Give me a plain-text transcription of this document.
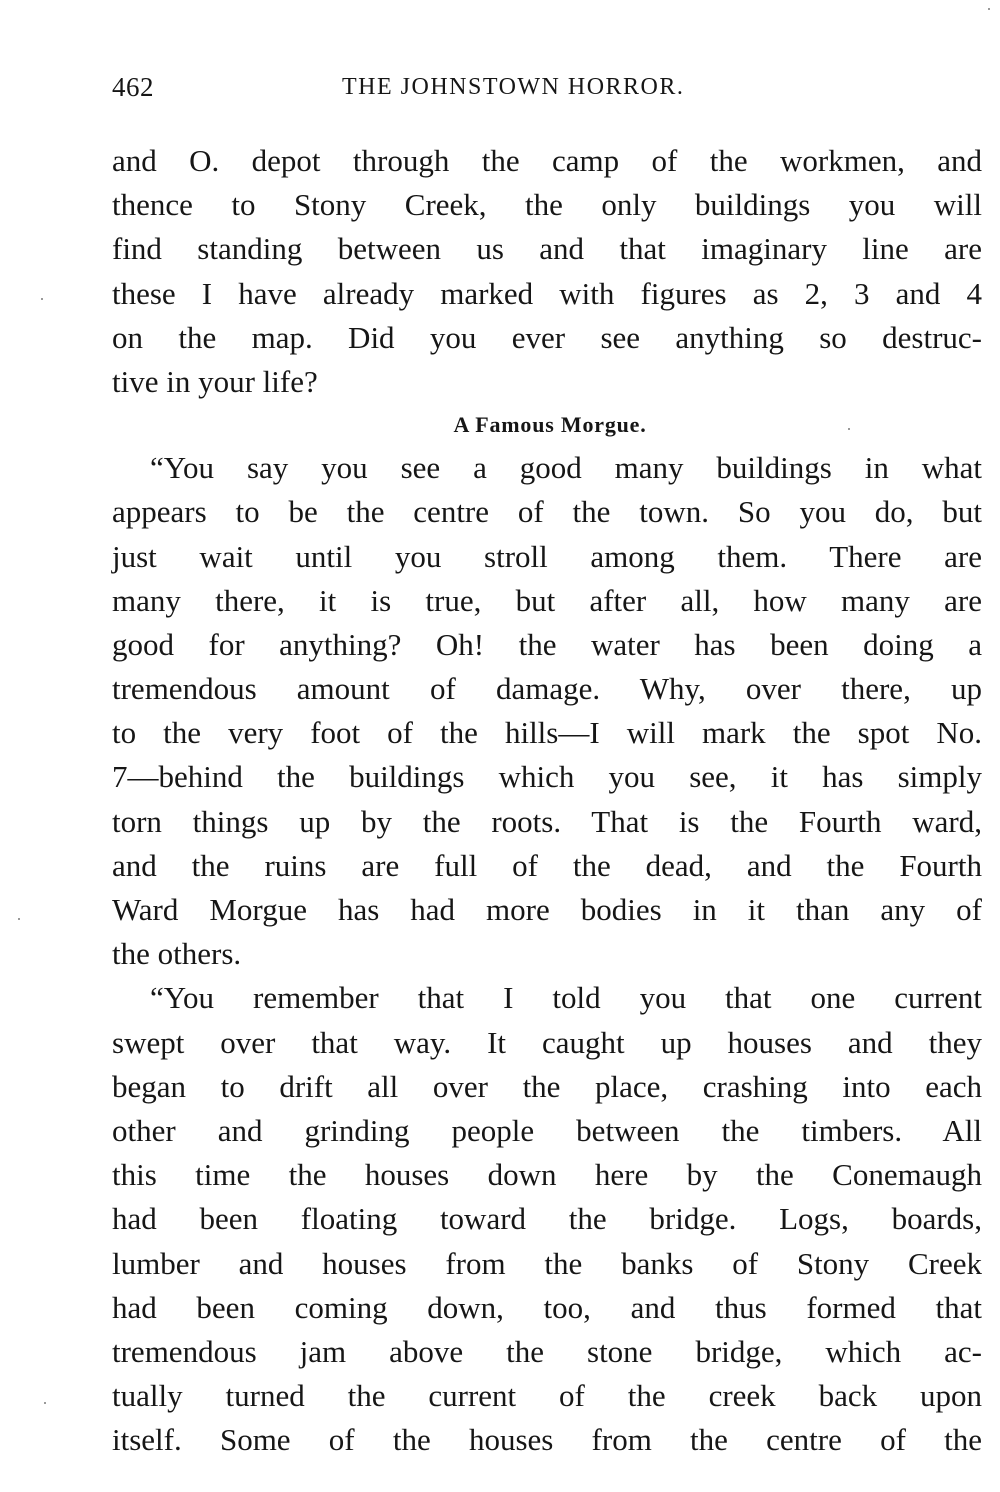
462	THE JOHNSTOWN HORROR.
and O. depot through the camp of the workmen, and
thence to Stony Creek, the only buildings you will
find standing between us and that imaginary line are
these I have already marked with figures as 2, 3 and 4
on the map. Did you ever see anything so destruc-
tive in your life?
A Famous Morgue.
“You say you see a good many buildings in what
appears to be the centre of the town. So you do, but
just wait until you stroll among them. There are
many there, it is true, but after all, how many are
good for anything? Oh! the water has been doing a
tremendous amount of damage. Why, over there, up
to the very foot of the hills—I will mark the spot No.
7—behind the buildings which you see, it has simply
torn things up by the roots. That is the Fourth ward,
and the ruins are full of the dead, and the Fourth
Ward Morgue has had more bodies in it than any of
the others.
“You remember that I told you that one current
swept over that way. It caught up houses and they
began to drift all over the place, crashing into each
other and grinding people between the timbers. All
this time the houses down here by the Conemaugh
had been floating toward the bridge. Logs, boards,
lumber and houses from the banks of Stony Creek
had been coming down, too, and thus formed that
tremendous jam above the stone bridge, which ac-
tually turned the current of the creek back upon
itself. Some of the houses from the centre of the
